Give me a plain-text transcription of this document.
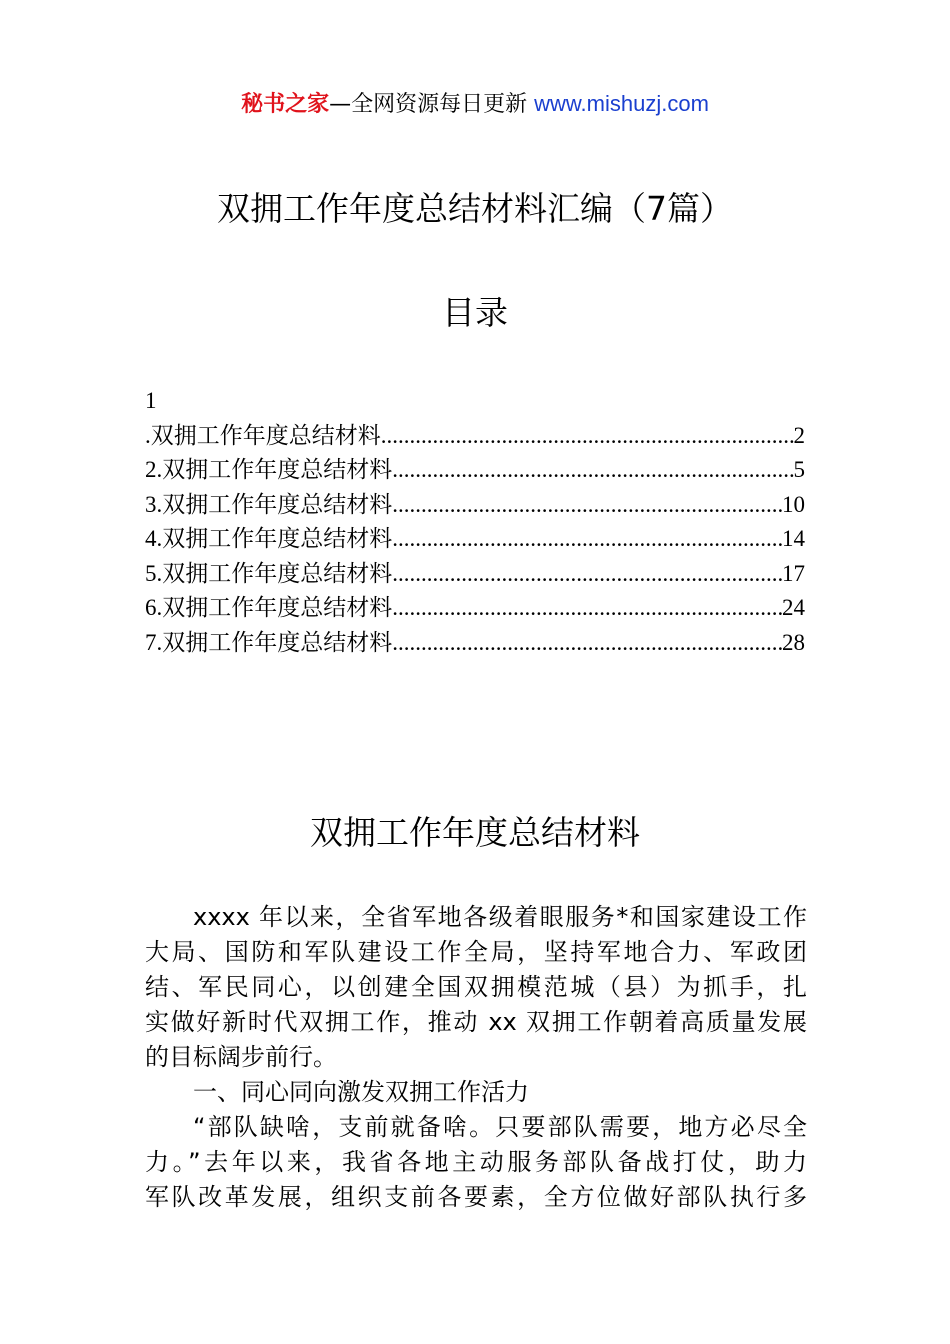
秘书之家—全网资源每日更新 www.mishuzj.com
双拥工作年度总结材料汇编（7篇）
目录
1
.双拥工作年度总结材料 .....	2
2.双拥工作年度总结材料 .....	5
3.双拥工作年度总结材料 .....	10
4.双拥工作年度总结材料 .....	14
5.双拥工作年度总结材料 .....	17
6.双拥工作年度总结材料 .....	24
7.双拥工作年度总结材料 .....	28
双拥工作年度总结材料

xxxx 年以来，全省军地各级着眼服务*和国家建设工作
大局、国防和军队建设工作全局，坚持军地合力、军政团
结、军民同心，以创建全国双拥模范城（县）为抓手，扎
实做好新时代双拥工作，推动 xx 双拥工作朝着高质量发展
的目标阔步前行。

一、同心同向激发双拥工作活力

“部队缺啥，支前就备啥。只要部队需要，地方必尽全
力。”去年以来，我省各地主动服务部队备战打仗，助力
军队改革发展，组织支前各要素，全方位做好部队执行多
